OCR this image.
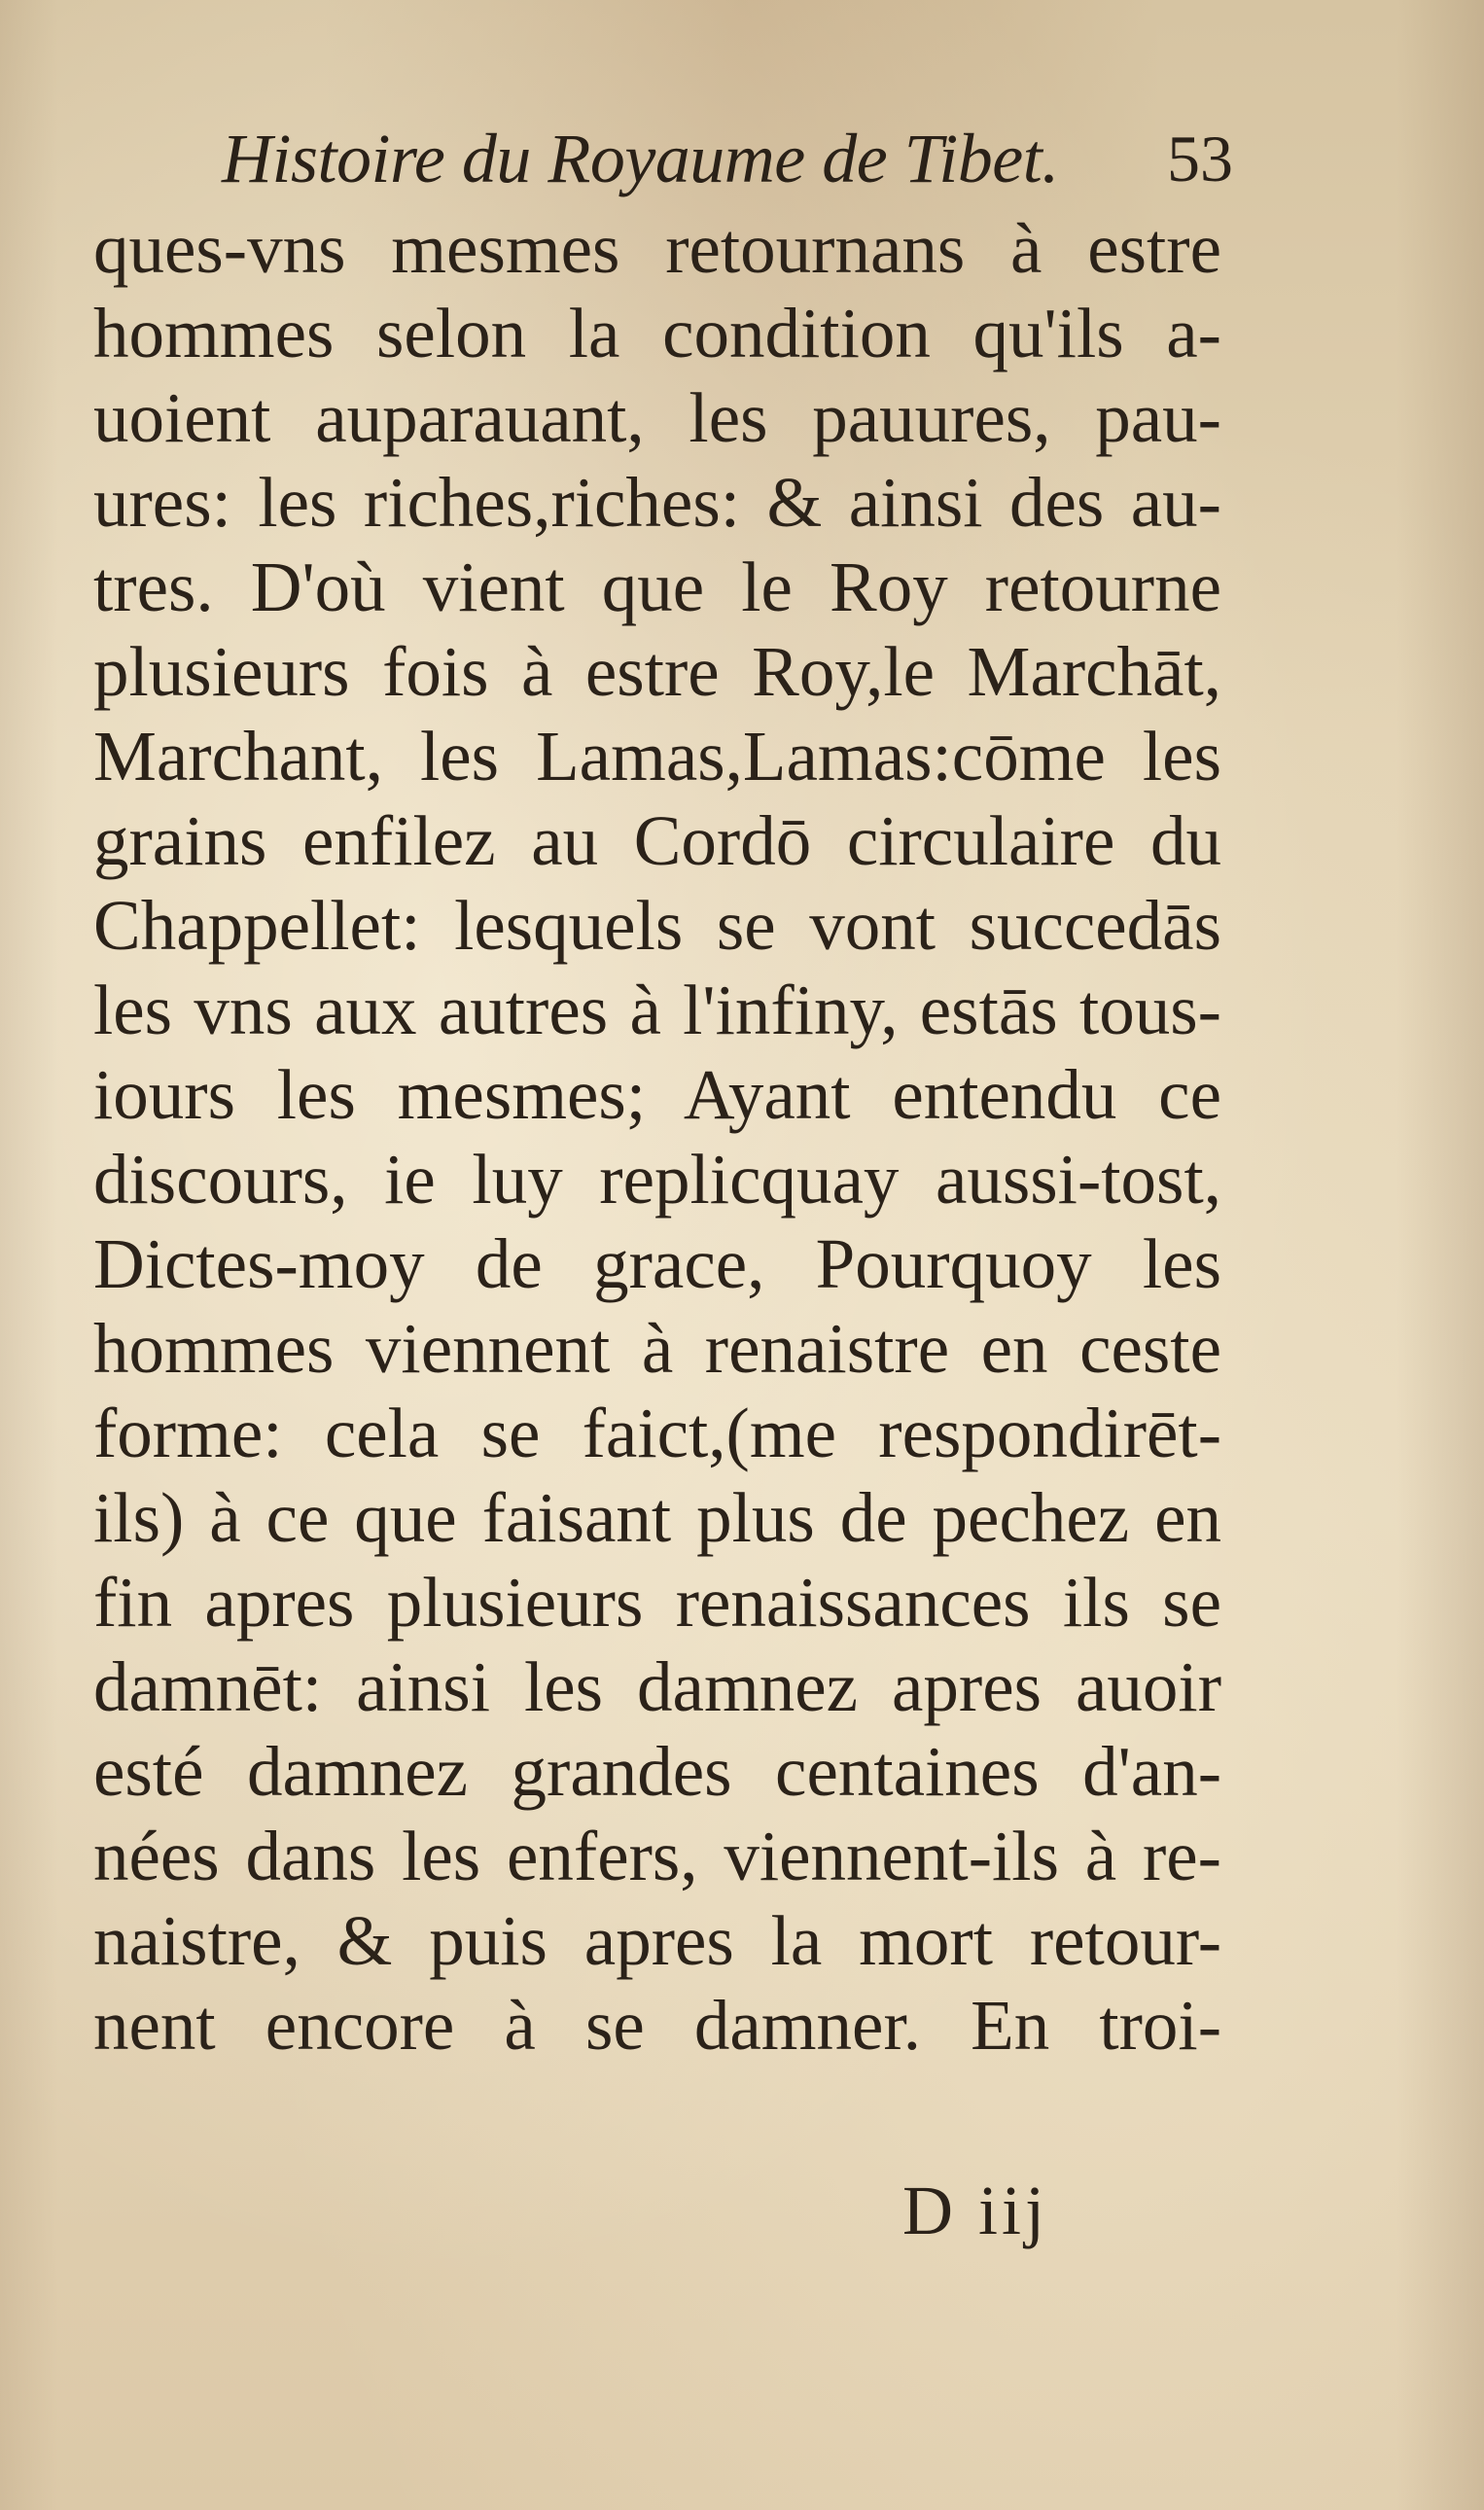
Histoire du Royaume de Tibet. 53
ques-vns mesmes retournans à estre
hommes selon la condition qu'ils a-
uoient auparauant, les pauures, pau-
ures: les riches,riches: & ainsi des au-
tres. D'où vient que le Roy retourne
plusieurs fois à estre Roy,le Marchāt,
Marchant, les Lamas,Lamas:cōme les
grains enfilez au Cordō circulaire du
Chappellet: lesquels se vont succedās
les vns aux autres à l'infiny, estās tous-
iours les mesmes; Ayant entendu ce
discours, ie luy replicquay aussi-tost,
Dictes-moy de grace, Pourquoy les
hommes viennent à renaistre en ceste
forme: cela se faict,(me respondirēt-
ils) à ce que faisant plus de pechez en
fin apres plusieurs renaissances ils se
damnēt: ainsi les damnez apres auoir
esté damnez grandes centaines d'an-
nées dans les enfers, viennent-ils à re-
naistre, & puis apres la mort retour-
nent encore à se damner. En troi-
D iij
